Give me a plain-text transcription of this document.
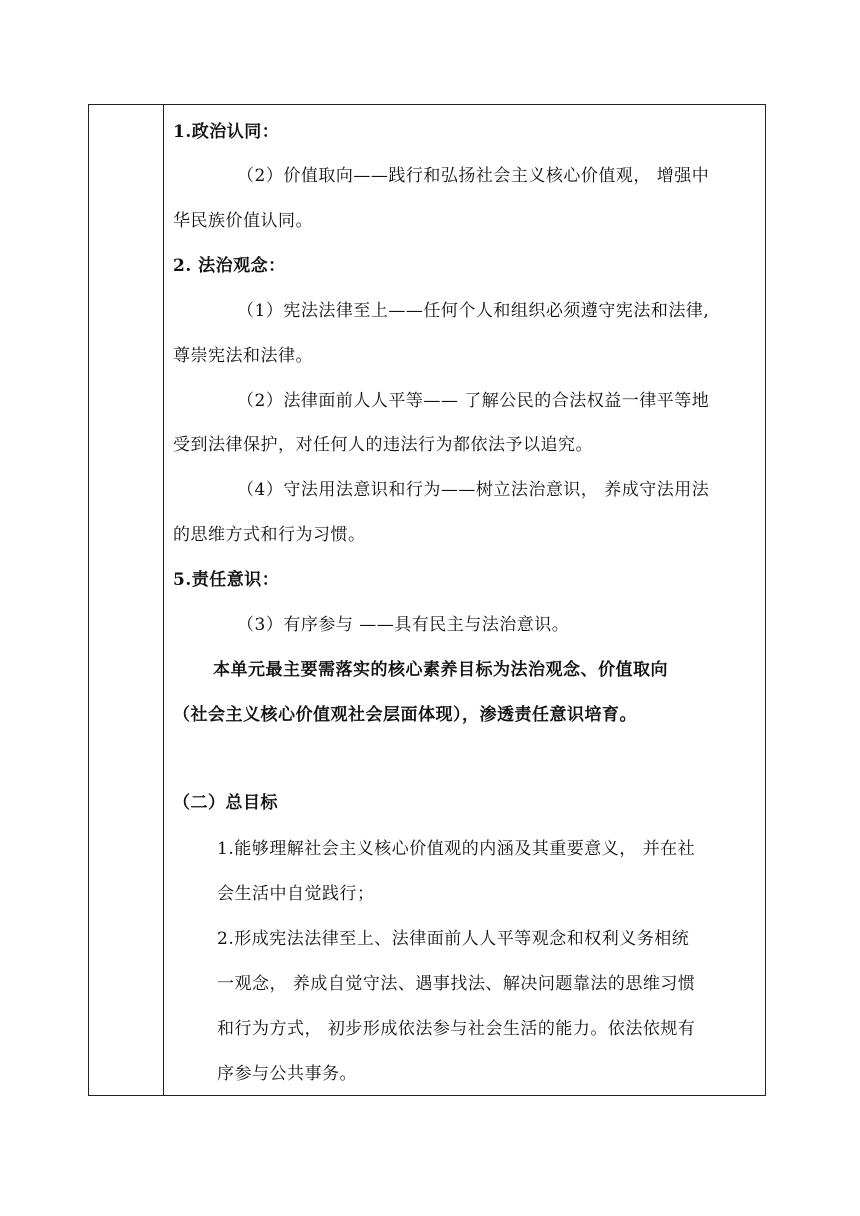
1.政治认同：
（2）价值取向——践行和弘扬社会主义核心价值观， 增强中
华民族价值认同。
2. 法治观念：
（1）宪法法律至上——任何个人和组织必须遵守宪法和法律,
尊崇宪法和法律。
（2）法律面前人人平等—— 了解公民的合法权益一律平等地
受到法律保护，对任何人的违法行为都依法予以追究。
（4）守法用法意识和行为——树立法治意识， 养成守法用法
的思维方式和行为习惯。
5.责任意识：
（3）有序参与 ——具有民主与法治意识。
本单元最主要需落实的核心素养目标为法治观念、价值取向
（社会主义核心价值观社会层面体现），渗透责任意识培育。
（二）总目标
1.能够理解社会主义核心价值观的内涵及其重要意义， 并在社
会生活中自觉践行；
2.形成宪法法律至上、法律面前人人平等观念和权利义务相统
一观念， 养成自觉守法、遇事找法、解决问题靠法的思维习惯
和行为方式， 初步形成依法参与社会生活的能力。依法依规有
序参与公共事务。
